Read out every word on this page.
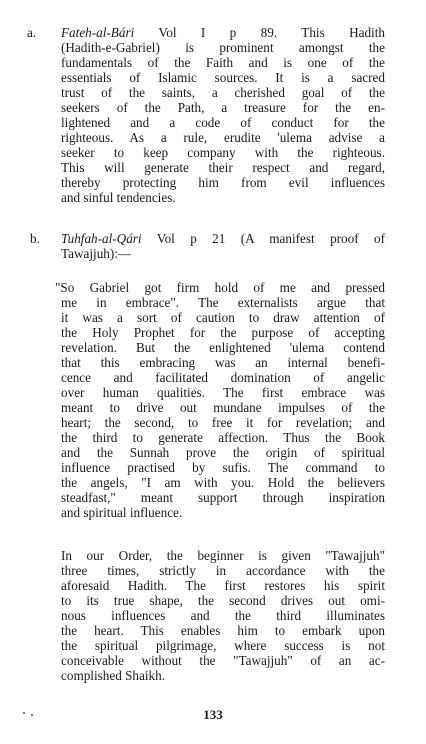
a. Fateh-al-Bári Vol I p 89. This Hadith
(Hadith-e-Gabriel) is prominent amongst the
fundamentals of the Faith and is one of the
essentials of Islamic sources. It is a sacred
trust of the saints, a cherished goal of the
seekers of the Path, a treasure for the en-
lightened and a code of conduct for the
righteous. As a rule, erudite 'ulema advise a
seeker to keep company with the righteous.
This will generate their respect and regard,
thereby protecting him from evil influences
and sinful tendencies.
b. Tuhfah-al-Qári Vol p 21 (A manifest proof of
Tawajjuh):—
"So Gabriel got firm hold of me and pressed
me in embrace". The externalists argue that
it was a sort of caution to draw attention of
the Holy Prophet for the purpose of accepting
revelation. But the enlightened 'ulema contend
that this embracing was an internal benefi-
cence and facilitated domination of angelic
over human qualities. The first embrace was
meant to drive out mundane impulses of the
heart; the second, to free it for revelation; and
the third to generate affection. Thus the Book
and the Sunnah prove the origin of spiritual
influence practised by sufis. The command to
the angels, "I am with you. Hold the believers
steadfast," meant support through inspiration
and spiritual influence.
In our Order, the beginner is given "Tawajjuh"
three times, strictly in accordance with the
aforesaid Hadith. The first restores his spirit
to its true shape, the second drives out omi-
nous influences and the third illuminates
the heart. This enables him to embark upon
the spiritual pilgrimage, where success is not
conceivable without the "Tawajjuh" of an ac-
complished Shaikh.
133
